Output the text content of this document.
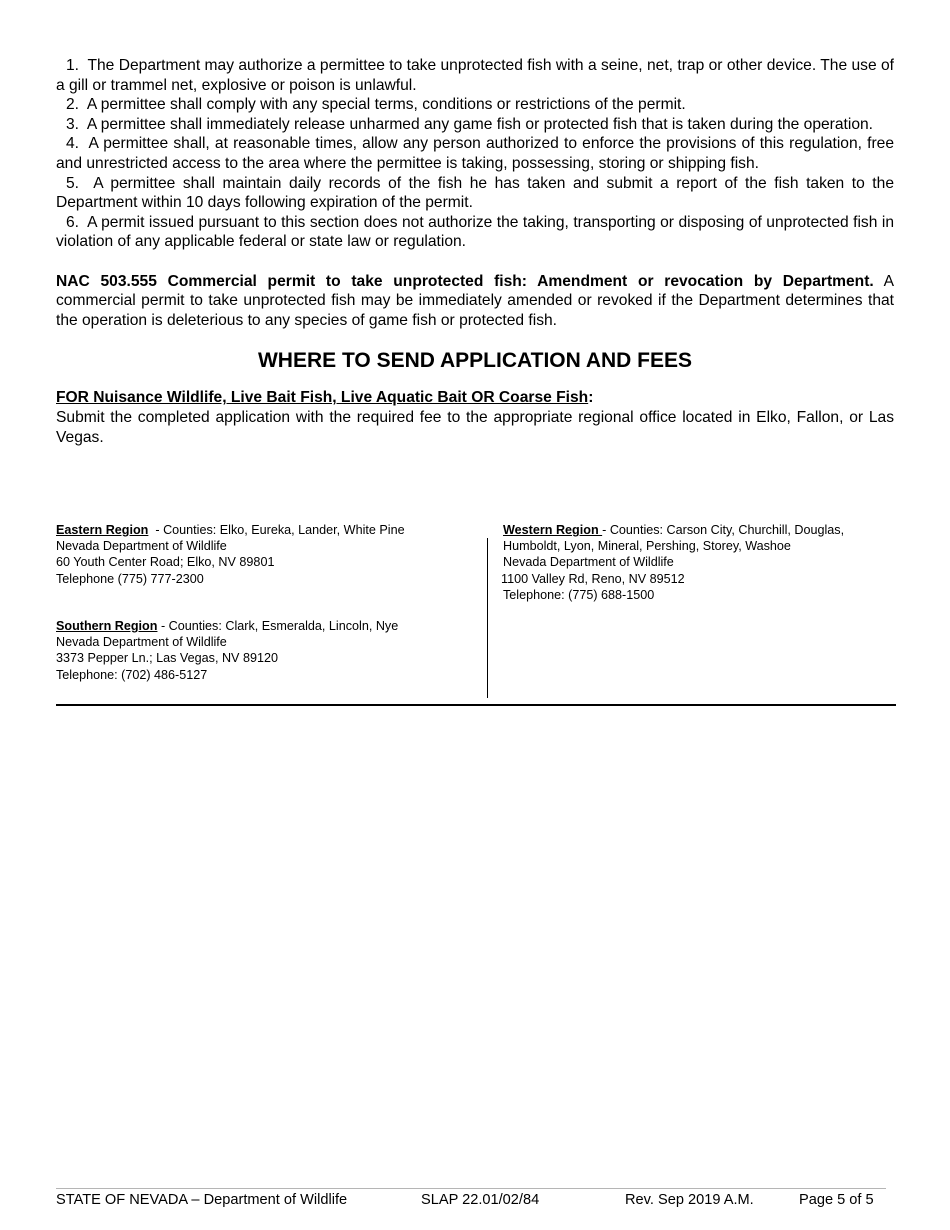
1. The Department may authorize a permittee to take unprotected fish with a seine, net, trap or other device. The use of a gill or trammel net, explosive or poison is unlawful.

2. A permittee shall comply with any special terms, conditions or restrictions of the permit.

3. A permittee shall immediately release unharmed any game fish or protected fish that is taken during the operation.

4. A permittee shall, at reasonable times, allow any person authorized to enforce the provisions of this regulation, free and unrestricted access to the area where the permittee is taking, possessing, storing or shipping fish.

5. A permittee shall maintain daily records of the fish he has taken and submit a report of the fish taken to the Department within 10 days following expiration of the permit.

6. A permit issued pursuant to this section does not authorize the taking, transporting or disposing of unprotected fish in violation of any applicable federal or state law or regulation.

NAC 503.555 Commercial permit to take unprotected fish: Amendment or revocation by Department. A commercial permit to take unprotected fish may be immediately amended or revoked if the Department determines that the operation is deleterious to any species of game fish or protected fish.

WHERE TO SEND APPLICATION AND FEES

FOR Nuisance Wildlife, Live Bait Fish, Live Aquatic Bait OR Coarse Fish:

Submit the completed application with the required fee to the appropriate regional office located in Elko, Fallon, or Las Vegas.

Eastern Region  - Counties: Elko, Eureka, Lander, White Pine
Nevada Department of Wildlife
60 Youth Center Road; Elko, NV 89801
Telephone (775) 777-2300
Southern Region - Counties: Clark, Esmeralda, Lincoln, Nye
Nevada Department of Wildlife
3373 Pepper Ln.; Las Vegas, NV 89120
Telephone: (702) 486-5127
Western Region - Counties: Carson City, Churchill, Douglas, Humboldt, Lyon, Mineral, Pershing, Storey, Washoe
Nevada Department of Wildlife
1100 Valley Rd, Reno, NV 89512
Telephone: (775) 688-1500
STATE OF NEVADA – Department of Wildlife	SLAP 22.01/02/84	Rev. Sep 2019 A.M.	Page 5 of 5
